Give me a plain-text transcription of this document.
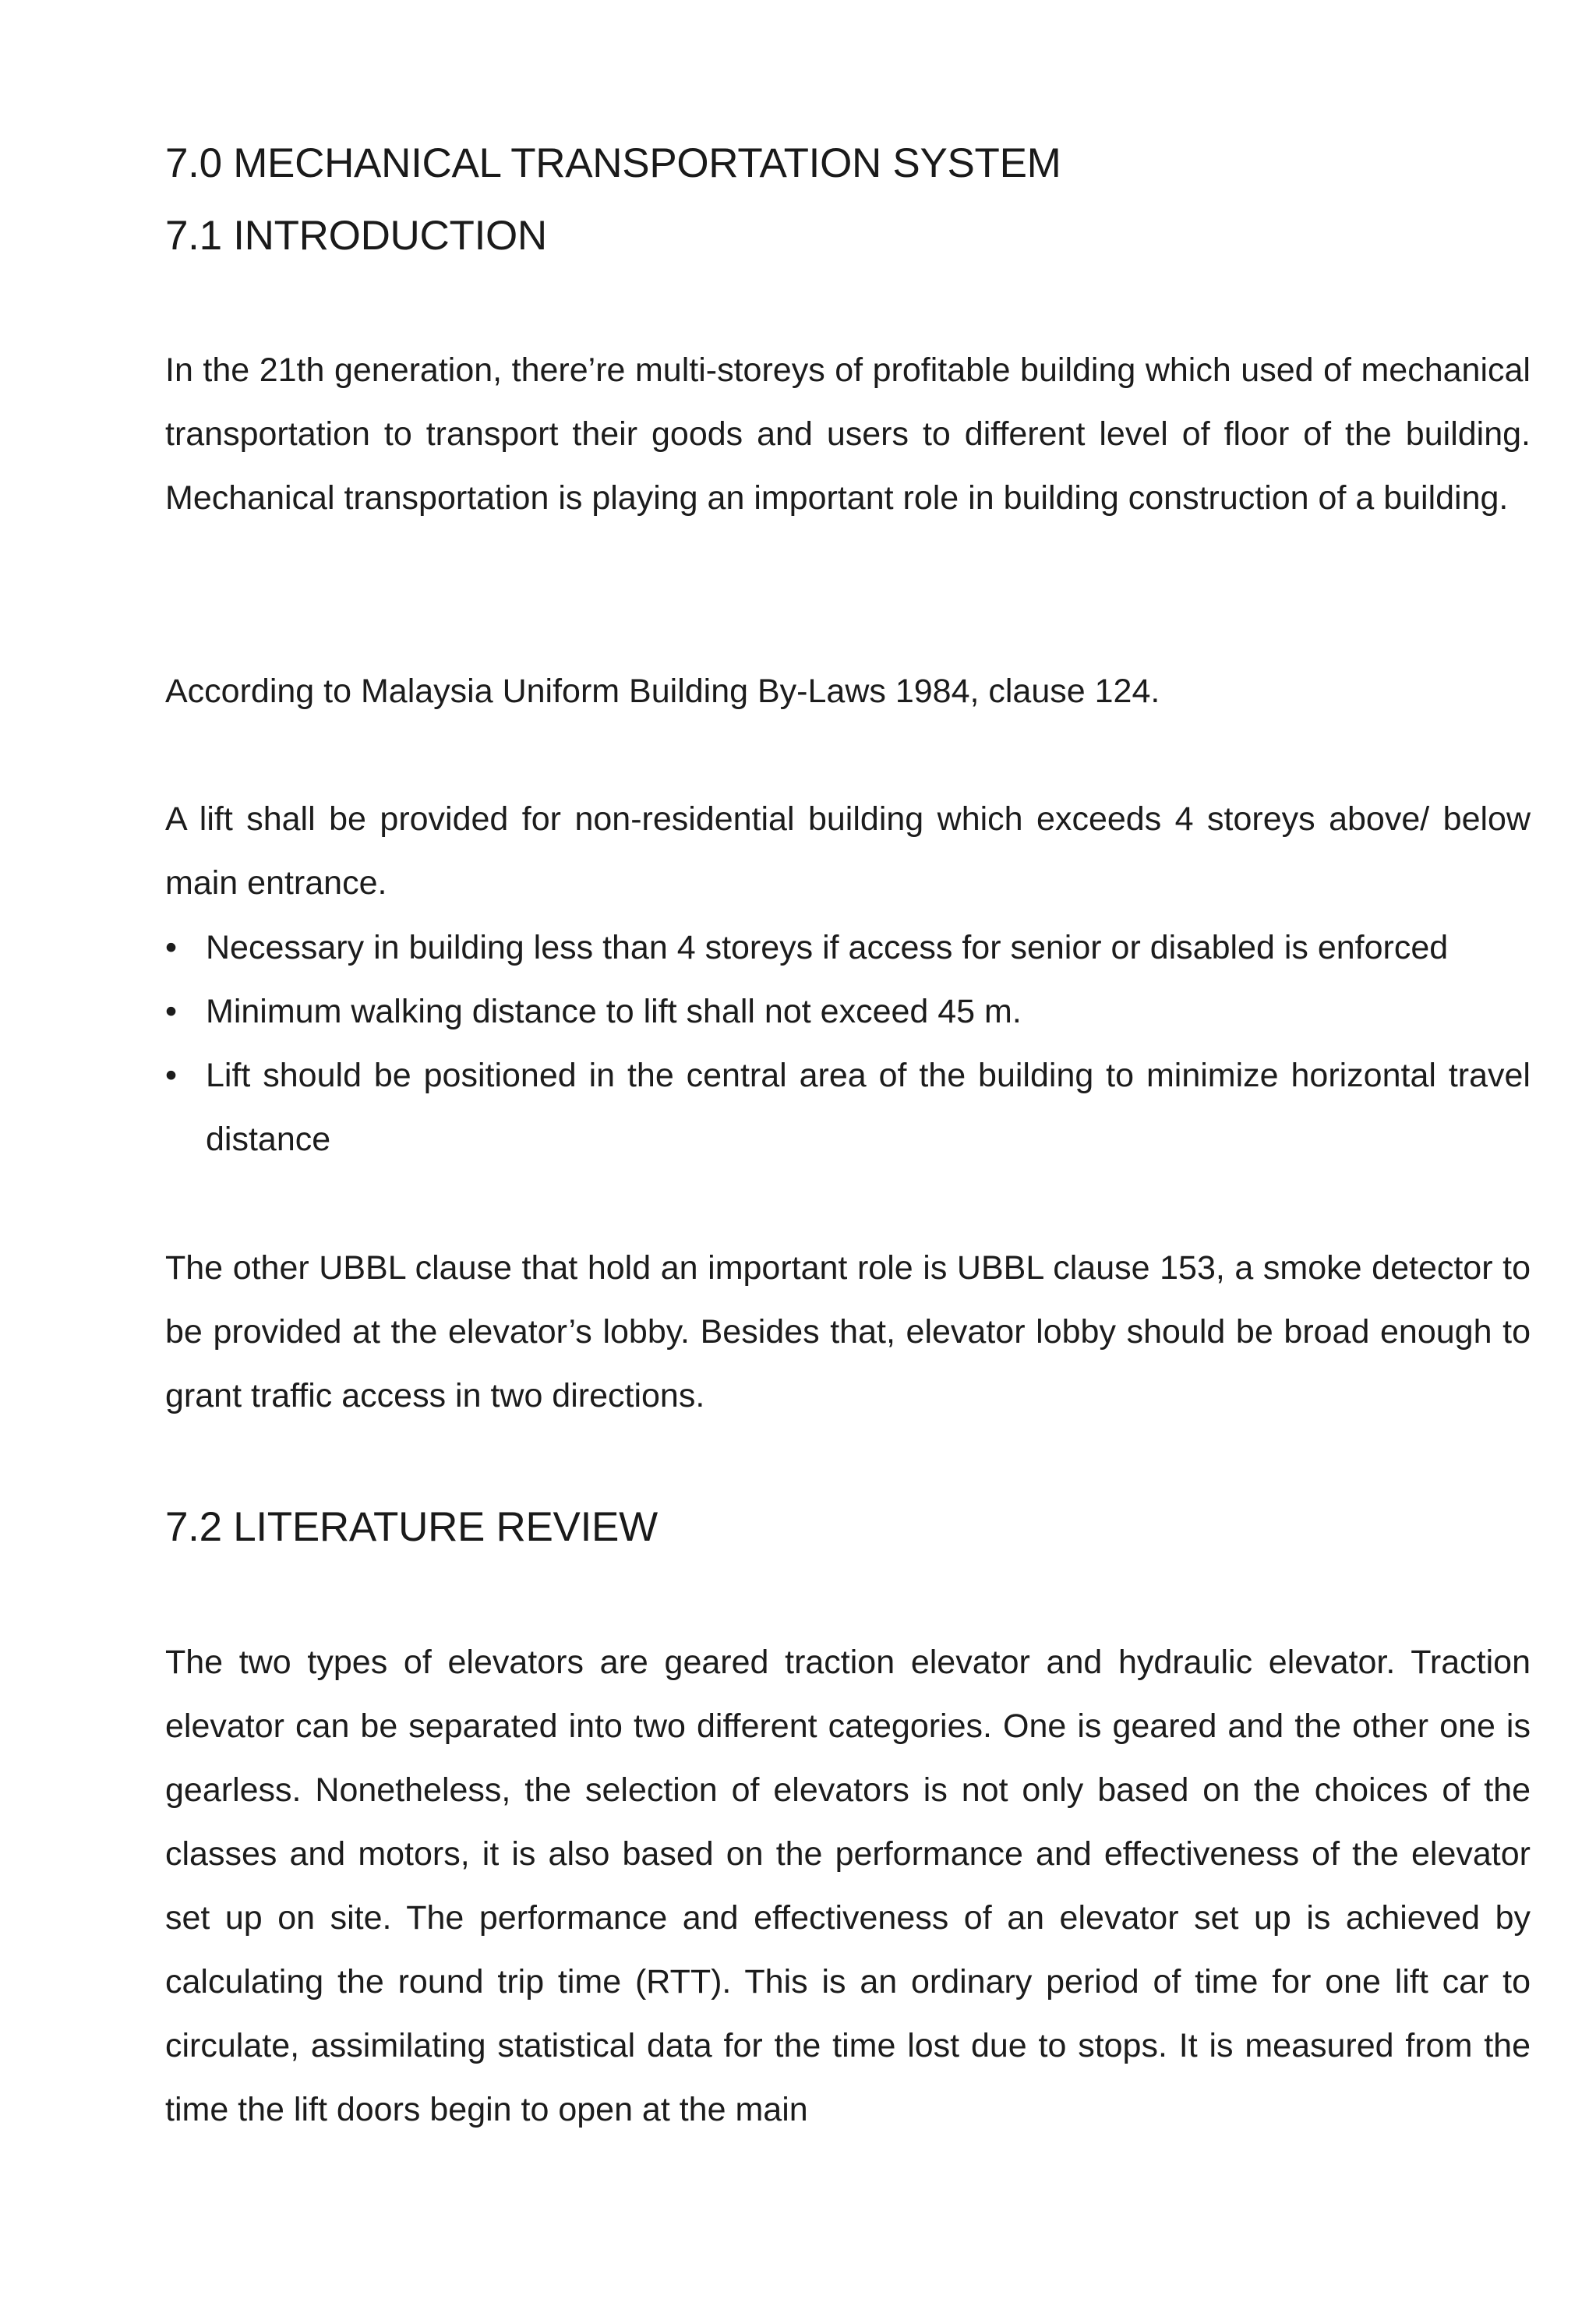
7.0 MECHANICAL TRANSPORTATION SYSTEM
7.1 INTRODUCTION

In the 21th generation, there’re multi-storeys of profitable building which used of mechanical transportation to transport their goods and users to different level of floor of the building. Mechanical transportation is playing an important role in building construction of a building.

According to Malaysia Uniform Building By-Laws 1984, clause 124.

A lift shall be provided for non-residential building which exceeds 4 storeys above/ below main entrance.

• Necessary in building less than 4 storeys if access for senior or disabled is enforced
• Minimum walking distance to lift shall not exceed 45 m.
• Lift should be positioned in the central area of the building to minimize horizontal travel distance

The other UBBL clause that hold an important role is UBBL clause 153, a smoke detector to be provided at the elevator’s lobby. Besides that, elevator lobby should be broad enough to grant traffic access in two directions.

7.2 LITERATURE REVIEW

The two types of elevators are geared traction elevator and hydraulic elevator. Traction elevator can be separated into two different categories. One is geared and the other one is gearless. Nonetheless, the selection of elevators is not only based on the choices of the classes and motors, it is also based on the performance and effectiveness of the elevator set up on site. The performance and effectiveness of an elevator set up is achieved by calculating the round trip time (RTT). This is an ordinary period of time for one lift car to circulate, assimilating statistical data for the time lost due to stops. It is measured from the time the lift doors begin to open at the main
